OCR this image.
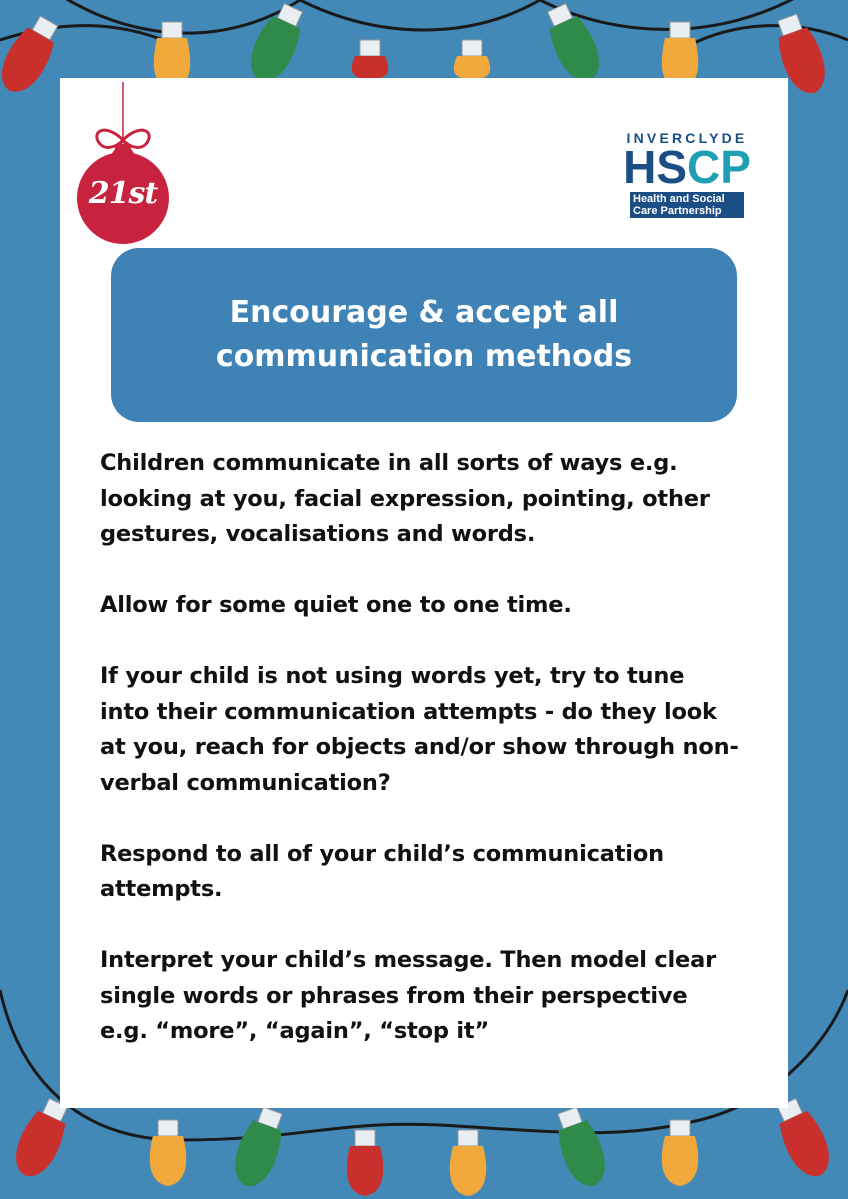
21st
INVERCLYDE
HSCP
Health and Social
Care Partnership
Encourage & accept all
communication methods

Children communicate in all sorts of ways e.g. looking at you, facial expression, pointing, other gestures, vocalisations and words.

Allow for some quiet one to one time.

If your child is not using words yet, try to tune into their communication attempts - do they look at you, reach for objects and/or show through non-verbal communication?

Respond to all of your child’s communication attempts.

Interpret your child’s message. Then model clear single words or phrases from their perspective e.g. “more”, “again”, “stop it”
